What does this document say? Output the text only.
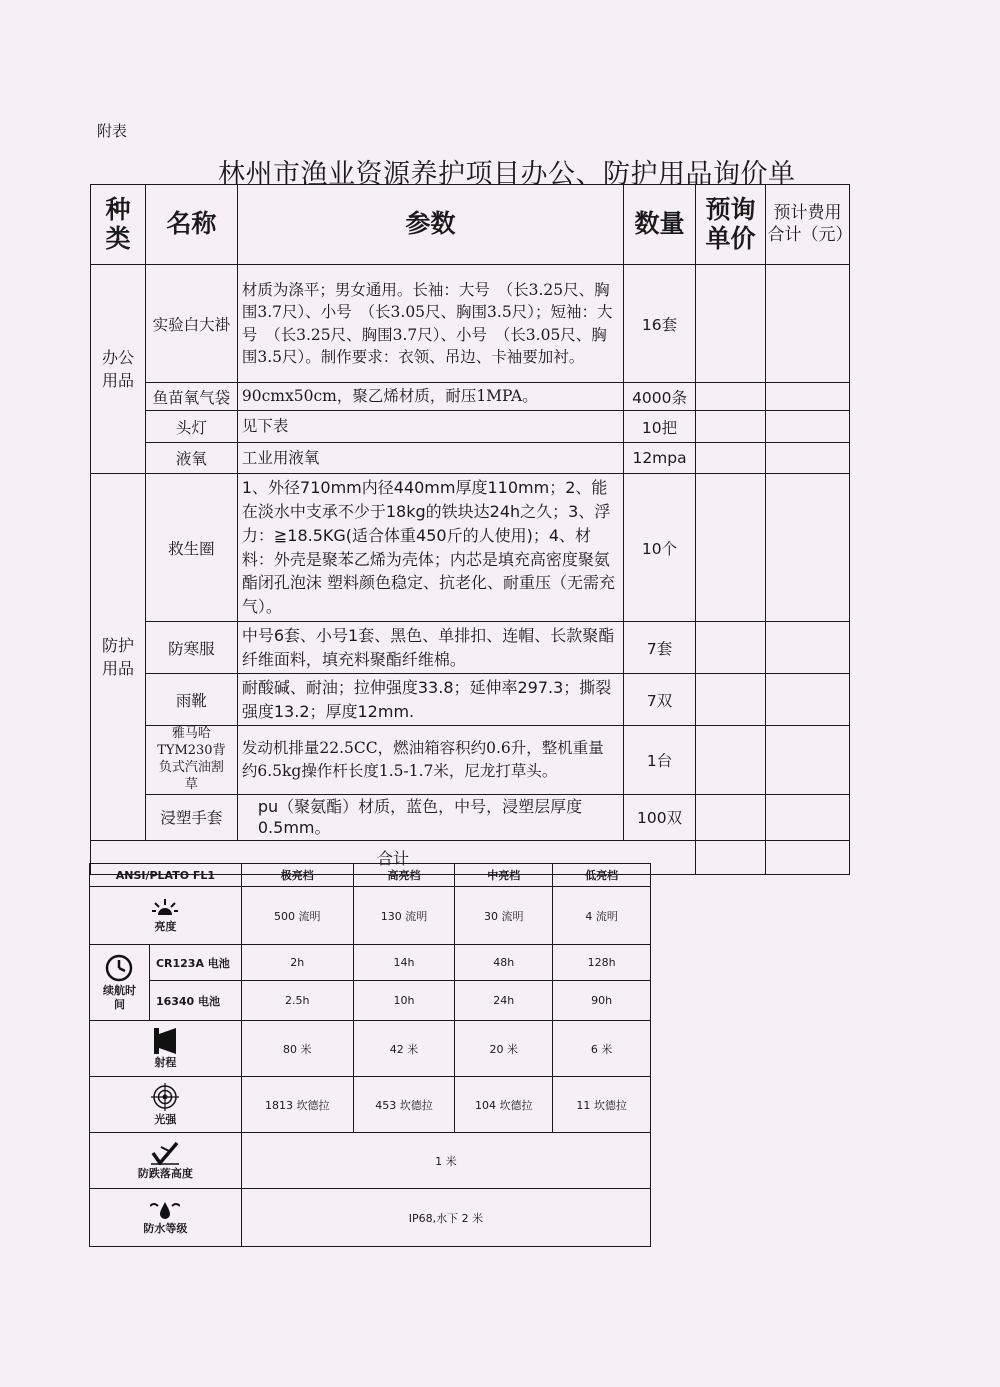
附表
林州市渔业资源养护项目办公、防护用品询价单
种类	名称	参数	数量	预询单价	预计费用合计（元）

办公用品	实验白大褂	材质为涤平；男女通用。长袖：大号　（长3.25尺、胸围3.7尺）、小号　（长3.05尺、胸围3.5尺）；短袖：大号　（长3.25尺、胸围3.7尺）、小号　（长3.05尺、胸围3.5尺）。制作要求：衣领、吊边、卡袖要加衬。	16套		
	鱼苗氧气袋	90cmx50cm，聚乙烯材质，耐压1MPA。	4000条		
	头灯	见下表	10把		
	液氧	工业用液氧	12mpa		

防护用品	救生圈	1、外径710mm内径440mm厚度110mm；2、能在淡水中支承不少于18kg的铁块达24h之久；3、浮力：≧18.5KG(适合体重450斤的人使用)；4、材料：外壳是聚苯乙烯为壳体；内芯是填充高密度聚氨酯闭孔泡沫 塑料颜色稳定、抗老化、耐重压（无需充气）。	10个		
	防寒服	中号6套、小号1套、黑色、单排扣、连帽、长款聚酯纤维面料，填充料聚酯纤维棉。	7套		
	雨靴	耐酸碱、耐油；拉伸强度33.8；延伸率297.3；撕裂强度13.2；厚度12mm.	7双		

	雅马哈TYM230背负式汽油割草	发动机排量22.5CC，燃油箱容积约0.6升，整机重量约6.5kg操作杆长度1.5-1.7米，尼龙打草头。	1台		
	浸塑手套	pu（聚氨酯）材质，蓝色，中号，浸塑层厚度0.5mm。	100双		
合计					
ANSI/PLATO FL1		极亮档	高亮档	中亮档	低亮档

亮度		500 流明	130 流明	30 流明	4 流明

续航时间	CR123A 电池	2h	14h	48h	128h
	16340 电池	2.5h	10h	24h	90h

射程		80 米	42 米	20 米	6 米

光强		1813 坎德拉	453 坎德拉	104 坎德拉	11 坎德拉

防跌落高度		1 米			

防水等级		IP68,水下 2 米			
